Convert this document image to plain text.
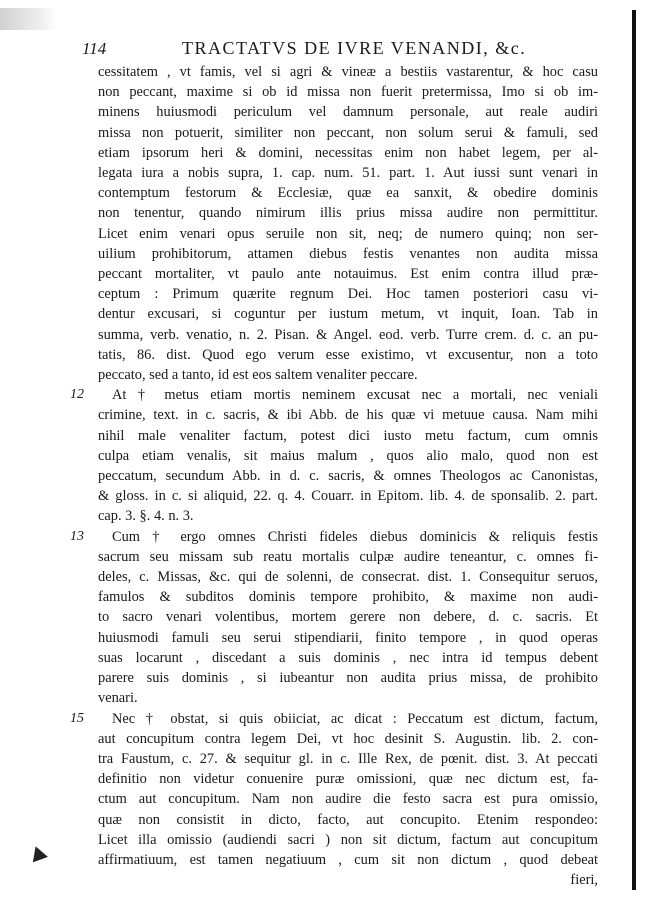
114	TRACTATVS DE IVRE VENANDI, &c.
cessitatem , vt famis, vel si agri & vineæ a bestiis vastarentur, & hoc casu
non peccant, maxime si ob id missa non fuerit pretermissa, Imo si ob im-
minens huiusmodi periculum vel damnum personale, aut reale audiri
missa non potuerit, similiter non peccant, non solum serui & famuli, sed
etiam ipsorum heri & domini, necessitas enim non habet legem, per al-
legata iura a nobis supra, 1. cap. num. 51. part. 1. Aut iussi sunt venari in
contemptum festorum & Ecclesiæ, quæ ea sanxit, & obedire dominis
non tenentur, quando nimirum illis prius missa audire non permittitur.
Licet enim venari opus seruile non sit, neq; de numero quinq; non ser-
uilium prohibitorum, attamen diebus festis venantes non audita missa
peccant mortaliter, vt paulo ante notauimus. Est enim contra illud præ-
ceptum : Primum quærite regnum Dei. Hoc tamen posteriori casu vi-
dentur excusari, si coguntur per iustum metum, vt inquit, Ioan. Tab in
summa, verb. venatio, n. 2. Pisan. & Angel. eod. verb. Turre crem. d. c. an pu-
tatis, 86. dist. Quod ego verum esse existimo, vt excusentur, non a toto
peccato, sed a tanto, id est eos saltem venaliter peccare.
12	At † metus etiam mortis neminem excusat nec a mortali, nec veniali
crimine, text. in c. sacris, & ibi Abb. de his quæ vi metuue causa. Nam mihi
nihil male venaliter factum, potest dici iusto metu factum, cum omnis
culpa etiam venalis, sit maius malum , quos alio malo, quod non est
peccatum, secundum Abb. in d. c. sacris, & omnes Theologos ac Canonistas,
& gloss. in c. si aliquid, 22. q. 4. Couarr. in Epitom. lib. 4. de sponsalib. 2. part.
cap. 3. §. 4. n. 3.
13	Cum † ergo omnes Christi fideles diebus dominicis & reliquis festis
sacrum seu missam sub reatu mortalis culpæ audire teneantur, c. omnes fi-
deles, c. Missas, &c. qui de solenni, de consecrat. dist. 1. Consequitur seruos,
famulos & subditos dominis tempore prohibito, & maxime non audi-
to sacro venari volentibus, mortem gerere non debere, d. c. sacris. Et
huiusmodi famuli seu serui stipendiarii, finito tempore , in quod operas
suas locarunt , discedant a suis dominis , nec intra id tempus debent
parere suis dominis , si iubeantur non audita prius missa, de prohibito
venari.
15	Nec † obstat, si quis obiiciat, ac dicat : Peccatum est dictum, factum,
aut concupitum contra legem Dei, vt hoc desinit S. Augustin. lib. 2. con-
tra Faustum, c. 27. & sequitur gl. in c. Ille Rex, de pœnit. dist. 3. At peccati
definitio non videtur conuenire puræ omissioni, quæ nec dictum est, fa-
ctum aut concupitum. Nam non audire die festo sacra est pura omissio,
quæ non consistit in dicto, facto, aut concupito. Etenim respondeo:
Licet illa omissio (audiendi sacri ) non sit dictum, factum aut concupitum
affirmatiuum, est tamen negatiuum , cum sit non dictum , quod debeat
fieri,
